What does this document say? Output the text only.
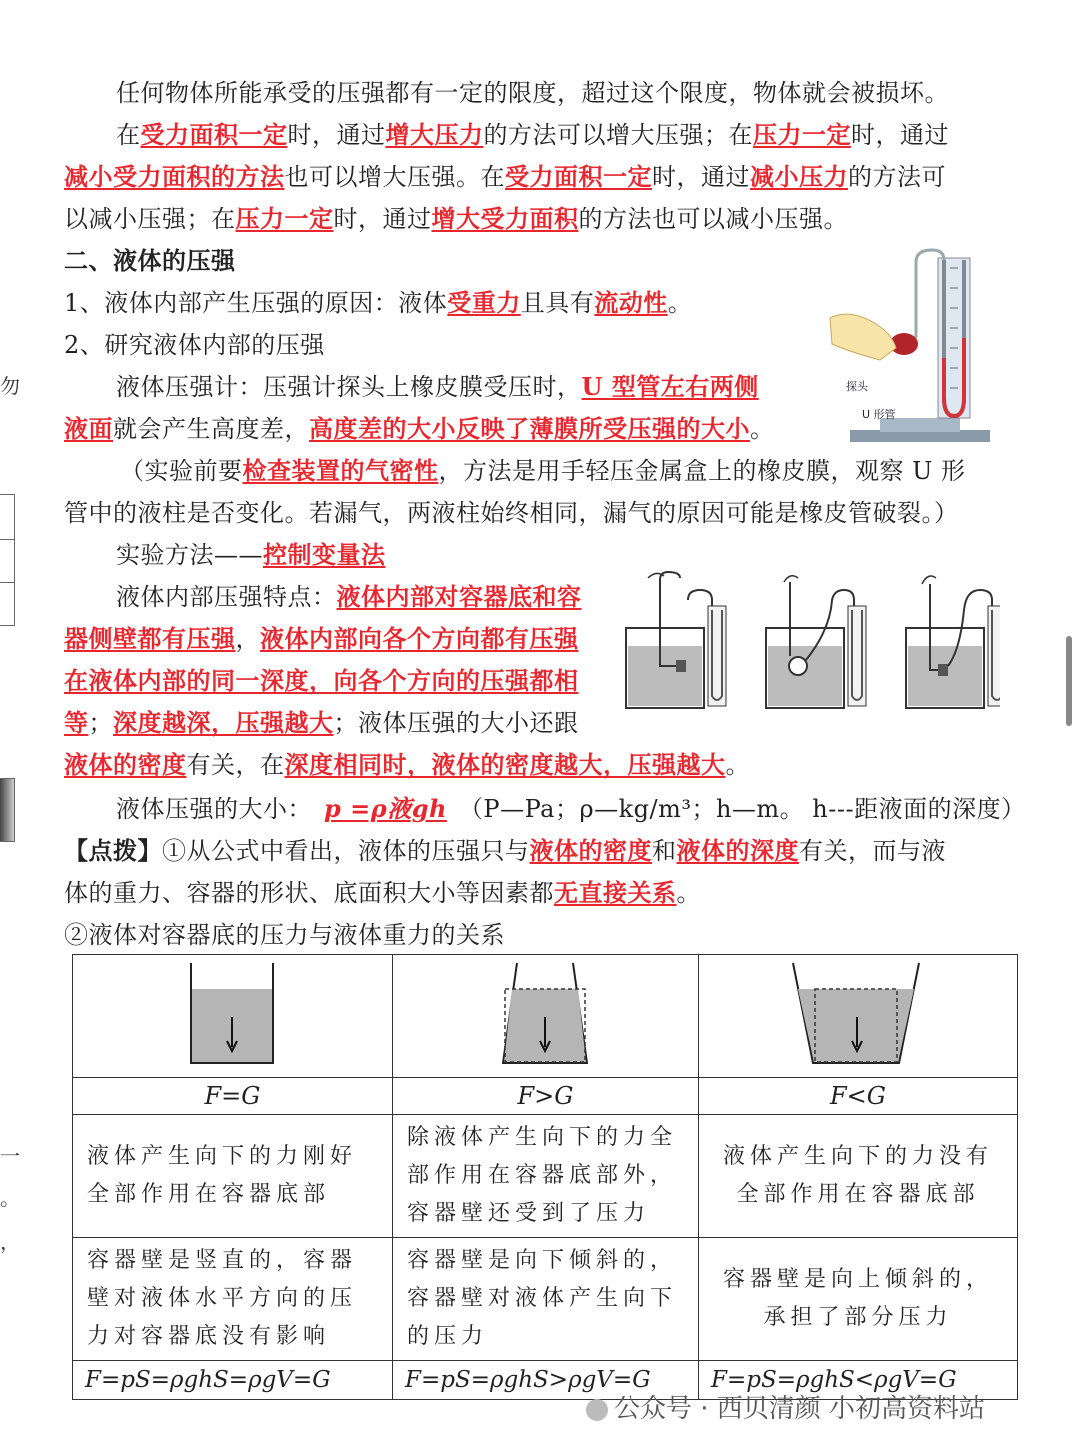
勿
一
。
，
任何物体所能承受的压强都有一定的限度，超过这个限度，物体就会被损坏。
在受力面积一定时，通过增大压力的方法可以增大压强；在压力一定时，通过
减小受力面积的方法也可以增大压强。在受力面积一定时，通过减小压力的方法可
以减小压强；在压力一定时，通过增大受力面积的方法也可以减小压强。
二、液体的压强
1、液体内部产生压强的原因：液体受重力且具有流动性。
2、研究液体内部的压强
液体压强计：压强计探头上橡皮膜受压时，U 型管左右两侧
液面就会产生高度差，高度差的大小反映了薄膜所受压强的大小。
（实验前要检查装置的气密性，方法是用手轻压金属盒上的橡皮膜，观察 U 形
管中的液柱是否变化。若漏气，两液柱始终相同，漏气的原因可能是橡皮管破裂。）
实验方法——控制变量法
液体内部压强特点：液体内部对容器底和容
器侧壁都有压强，液体内部向各个方向都有压强
在液体内部的同一深度，向各个方向的压强都相
等；深度越深，压强越大；液体压强的大小还跟
液体的密度有关，在深度相同时，液体的密度越大，压强越大。
液体压强的大小： p =ρ液gh （P—Pa；ρ—kg/m³；h—m。 h---距液面的深度）
【点拨】①从公式中看出，液体的压强只与液体的密度和液体的深度有关，而与液
体的重力、容器的形状、底面积大小等因素都无直接关系。
②液体对容器底的压力与液体重力的关系
探头
U 形管

F=G	F>G	F<G
液体产生向下的力刚好全部作用在容器底部	除液体产生向下的力全部作用在容器底部外，容器壁还受到了压力	液体产生向下的力没有全部作用在容器底部
容器壁是竖直的，容器壁对液体水平方向的压力对容器底没有影响	容器壁是向下倾斜的，容器壁对液体产生向下的压力	容器壁是向上倾斜的，承担了部分压力
F=pS=ρghS=ρgV=G	F=pS=ρghS>ρgV=G	F=pS=ρghS<ρgV=G
公众号 · 西贝清颜 小初高资料站
